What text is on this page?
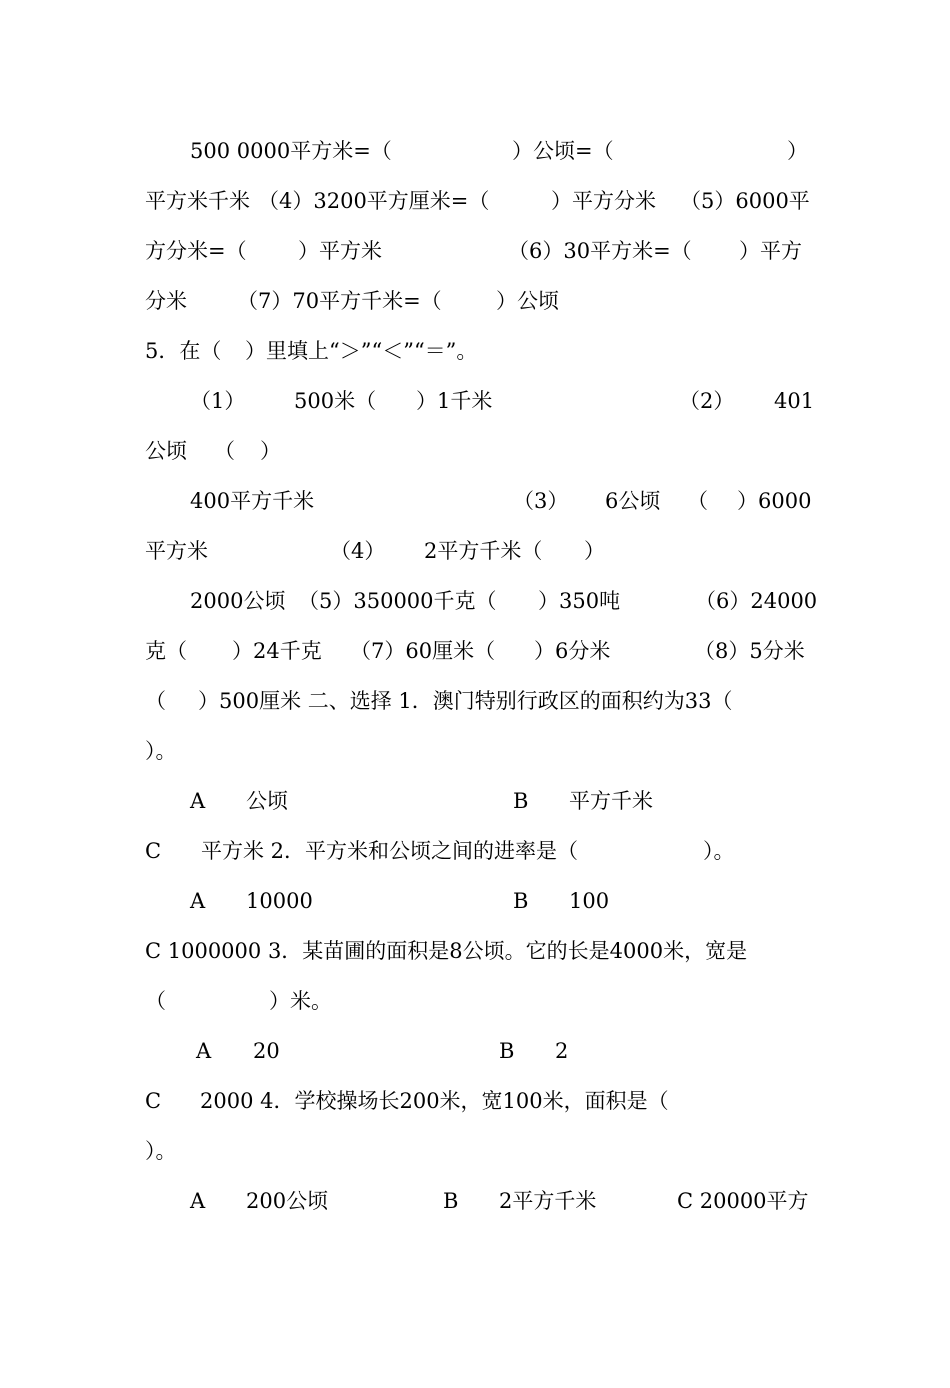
500 0000平方米=（

	）公顷=（

	）

平方米千米

（4）3200平方厘米=（

	）平方分米

（5）6000平

方分米=（

）平方米

	（6）30平方米=（

）平方

分米

（7）70平方千米=（

	）公顷

5．在（

）里填上“＞”“＜”“＝”。

（1）

500米（

）1千米

	（2）

401

公顷

（

）

400平方千米

	（3）

6公顷

（

）6000

平方米

	（4）

2平方千米（

）

2000公顷

（5）350000千克（

）350吨

	（6）24000

克（

）24千克

（7）60厘米（

）6分米

	（8）5分米

（

）500厘米 二、选择 1．澳门特别行政区的面积约为33（

）。

A

公顷

	B

平方千米

C

平方米 2．平方米和公顷之间的进率是（

	）。

A

10000

	B

100

C 1000000 3．某苗圃的面积是8公顷。它的长是4000米，宽是

（

	）米。

A

20

	B

2

C

2000 4．学校操场长200米，宽100米，面积是（

）。

A

200公顷

	B

2平方千米

	C 20000平方
